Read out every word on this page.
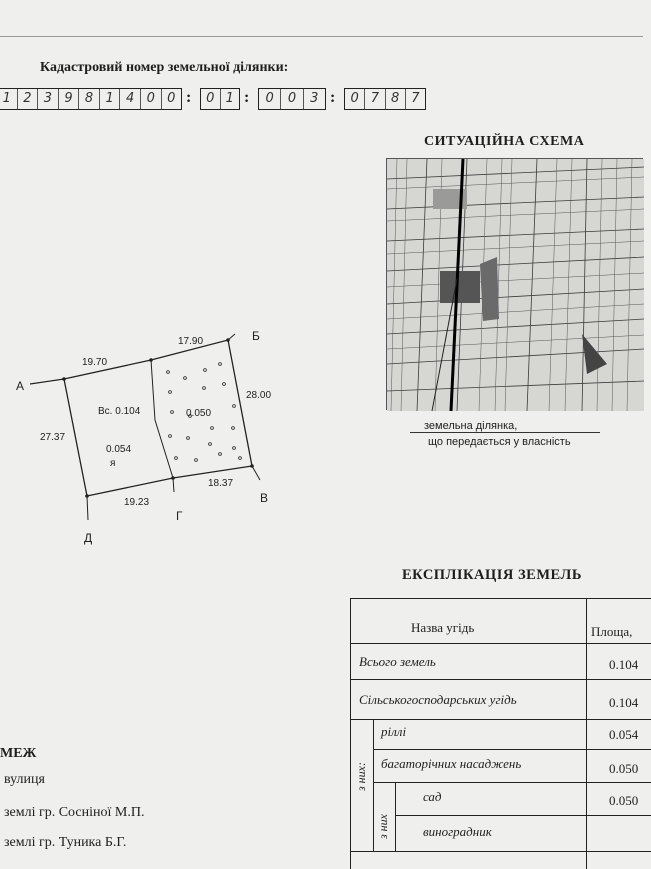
Кадастровий номер земельної ділянки:
1 2 3 9 8 1 4 0 0 :	0 1 :	0	0	3 :	0 7 8 7
СИТУАЦІЙНА СХЕМА
земельна ділянка,
що передається у власність
А
Б
В
Г
Д
19.70
17.90
28.00
27.37
19.23
18.37
Вс. 0.104	0.050
0.054
ᴙ
ЕКСПЛІКАЦІЯ ЗЕМЕЛЬ
Назва угідь	Площа,
Всього земель	0.104
Сільськогосподарських угідь	0.104
ріллі	0.054
багаторічних насаджень	0.050
сад	0.050
виноградник
з них:
з них
МЕЖ
вулиця
землі гр. Сосніної М.П.
землі гр. Туника Б.Г.
